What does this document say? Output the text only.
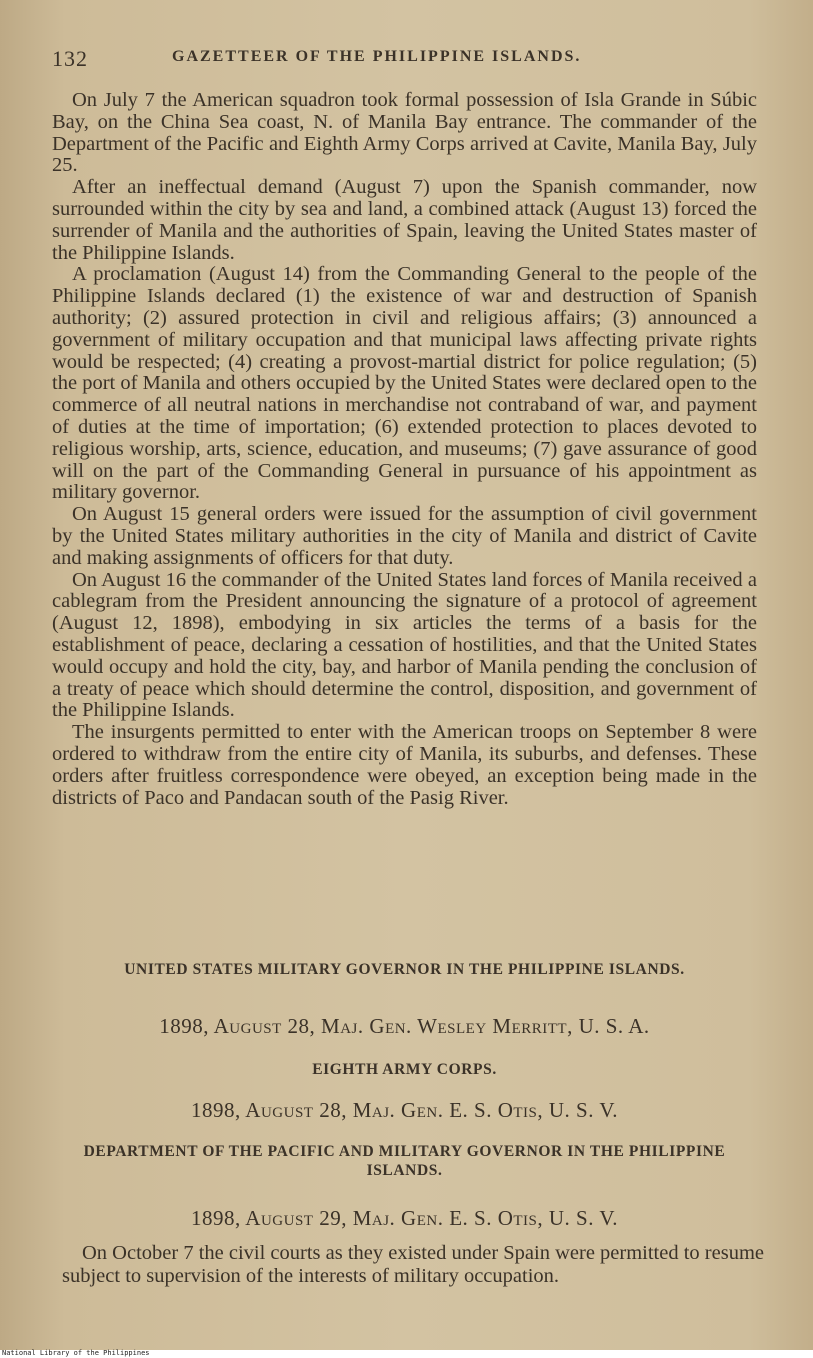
132	GAZETTEER OF THE PHILIPPINE ISLANDS.

On July 7 the American squadron took formal possession of Isla Grande in Súbic Bay, on the China Sea coast, N. of Manila Bay entrance. The commander of the Department of the Pacific and Eighth Army Corps arrived at Cavite, Manila Bay, July 25.

After an ineffectual demand (August 7) upon the Spanish commander, now surrounded within the city by sea and land, a combined attack (August 13) forced the surrender of Manila and the authorities of Spain, leaving the United States master of the Philippine Islands.

A proclamation (August 14) from the Commanding General to the people of the Philippine Islands declared (1) the existence of war and destruction of Spanish authority; (2) assured protection in civil and religious affairs; (3) announced a government of military occupation and that municipal laws affecting private rights would be respected; (4) creating a provost-martial district for police regulation; (5) the port of Manila and others occupied by the United States were declared open to the commerce of all neutral nations in merchandise not contraband of war, and payment of duties at the time of importation; (6) extended protection to places devoted to religious worship, arts, science, education, and museums; (7) gave assurance of good will on the part of the Commanding General in pursuance of his appointment as military governor.

On August 15 general orders were issued for the assumption of civil government by the United States military authorities in the city of Manila and district of Cavite and making assignments of officers for that duty.

On August 16 the commander of the United States land forces of Manila received a cablegram from the President announcing the signature of a protocol of agreement (August 12, 1898), embodying in six articles the terms of a basis for the establishment of peace, declaring a cessation of hostilities, and that the United States would occupy and hold the city, bay, and harbor of Manila pending the conclusion of a treaty of peace which should determine the control, disposition, and government of the Philippine Islands.

The insurgents permitted to enter with the American troops on September 8 were ordered to withdraw from the entire city of Manila, its suburbs, and defenses. These orders after fruitless correspondence were obeyed, an exception being made in the districts of Paco and Pandacan south of the Pasig River.

UNITED STATES MILITARY GOVERNOR IN THE PHILIPPINE ISLANDS.
1898, August 28, Maj. Gen. Wesley Merritt, U. S. A.
EIGHTH ARMY CORPS.
1898, August 28, Maj. Gen. E. S. Otis, U. S. V.
DEPARTMENT OF THE PACIFIC AND MILITARY GOVERNOR IN THE PHILIPPINE ISLANDS.
1898, August 29, Maj. Gen. E. S. Otis, U. S. V.
On October 7 the civil courts as they existed under Spain were permitted to resume subject to supervision of the interests of military occupation.
National Library of the Philippines
